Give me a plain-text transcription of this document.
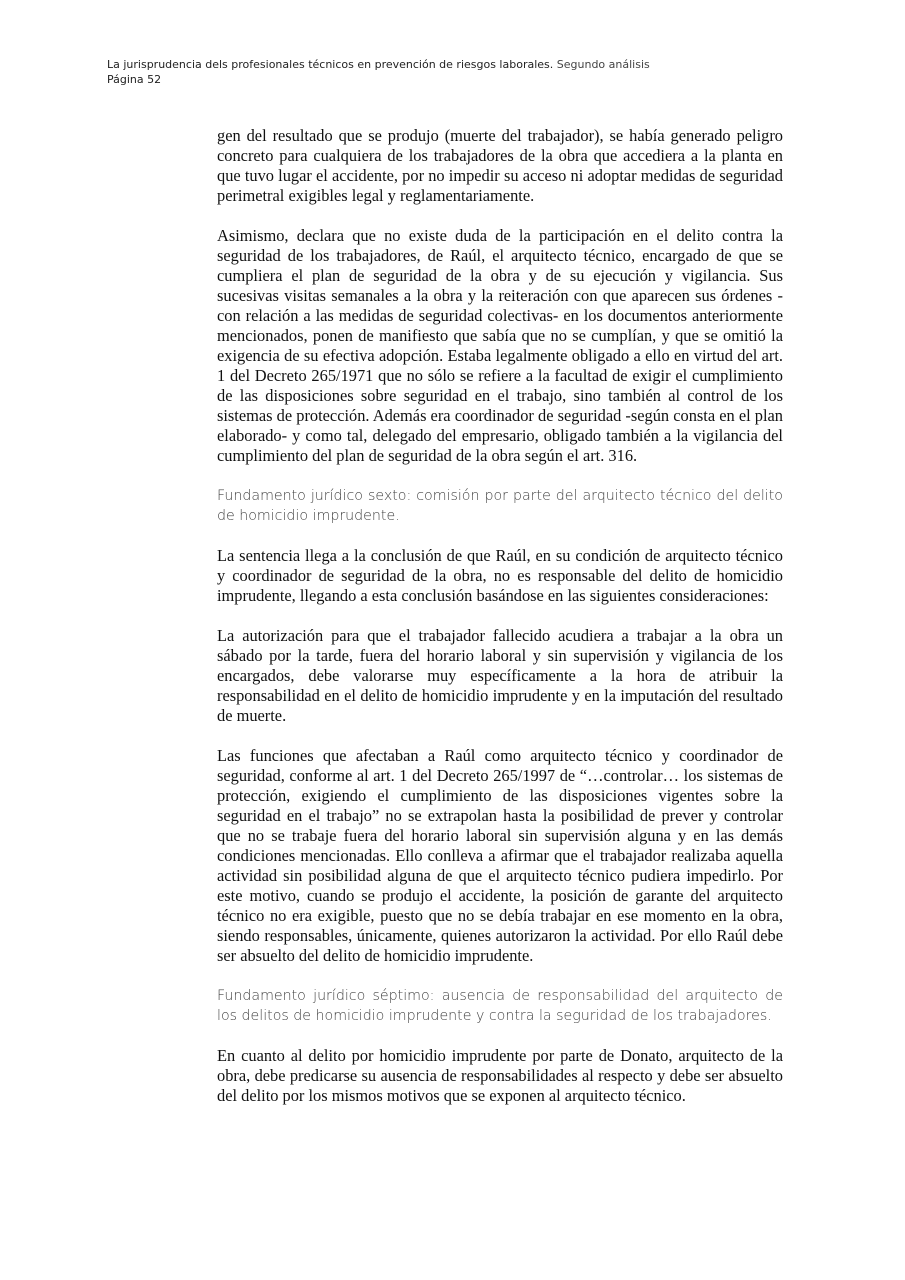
La jurisprudencia dels profesionales técnicos en prevención de riesgos laborales. Segundo análisis
Página 52

gen del resultado que se produjo (muerte del trabajador), se había generado peligro concreto para cualquiera de los trabajadores de la obra que accediera a la planta en que tuvo lugar el accidente, por no impedir su acceso ni adoptar medidas de seguridad perimetral exigibles legal y reglamentariamente.

Asimismo, declara que no existe duda de la participación en el delito contra la seguridad de los trabajadores, de Raúl, el arquitecto técnico, encargado de que se cumpliera el plan de seguridad de la obra y de su ejecución y vigilancia. Sus sucesivas visitas semanales a la obra y la reiteración con que aparecen sus órdenes -con relación a las medidas de seguridad colectivas- en los documentos anteriormente mencionados, ponen de manifiesto que sabía que no se cumplían, y que se omitió la exigencia de su efectiva adopción. Estaba legalmente obligado a ello en virtud del art. 1 del Decreto 265/1971 que no sólo se refiere a la facultad de exigir el cumplimiento de las disposiciones sobre seguridad en el trabajo, sino también al control de los sistemas de protección. Además era coordinador de seguridad -según consta en el plan elaborado- y como tal, delegado del empresario, obligado también a la vigilancia del cumplimiento del plan de seguridad de la obra según el art. 316.

Fundamento jurídico sexto: comisión por parte del arquitecto técnico del delito de homicidio imprudente.

La sentencia llega a la conclusión de que Raúl, en su condición de arquitecto técnico y coordinador de seguridad de la obra, no es responsable del delito de homicidio imprudente, llegando a esta conclusión basándose en las siguientes consideraciones:

La autorización para que el trabajador fallecido acudiera a trabajar a la obra un sábado por la tarde, fuera del horario laboral y sin supervisión y vigilancia de los encargados, debe valorarse muy específicamente a la hora de atribuir la responsabilidad en el delito de homicidio imprudente y en la imputación del resultado de muerte.

Las funciones que afectaban a Raúl como arquitecto técnico y coordinador de seguridad, conforme al art. 1 del Decreto 265/1997 de “…controlar… los sistemas de protección, exigiendo el cumplimiento de las disposiciones vigentes sobre la seguridad en el trabajo” no se extrapolan hasta la posibilidad de prever y controlar que no se trabaje fuera del horario laboral sin supervisión alguna y en las demás condiciones mencionadas. Ello conlleva a afirmar que el trabajador realizaba aquella actividad sin posibilidad alguna de que el arquitecto técnico pudiera impedirlo. Por este motivo, cuando se produjo el accidente, la posición de garante del arquitecto técnico no era exigible, puesto que no se debía trabajar en ese momento en la obra, siendo responsables, únicamente, quienes autorizaron la actividad. Por ello Raúl debe ser absuelto del delito de homicidio imprudente.

Fundamento jurídico séptimo: ausencia de responsabilidad del arquitecto de los delitos de homicidio imprudente y contra la seguridad de los trabajadores.

En cuanto al delito por homicidio imprudente por parte de Donato, arquitecto de la obra, debe predicarse su ausencia de responsabilidades al respecto y debe ser absuelto del delito por los mismos motivos que se exponen al arquitecto técnico.
